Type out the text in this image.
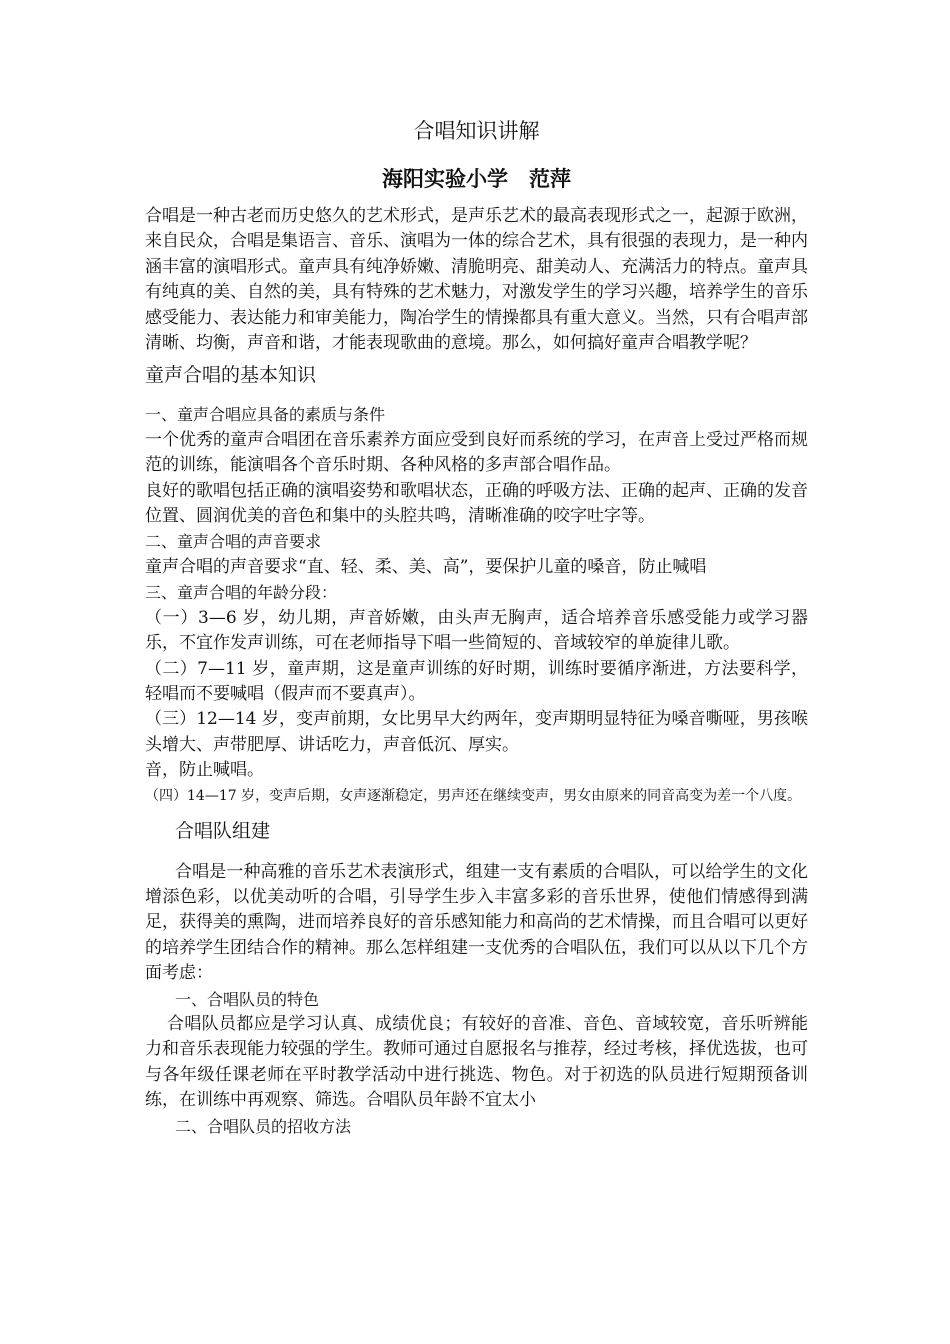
合唱知识讲解
海阳实验小学　范萍

合唱是一种古老而历史悠久的艺术形式，是声乐艺术的最高表现形式之一，起源于欧洲，来自民众，合唱是集语言、音乐、演唱为一体的综合艺术，具有很强的表现力，是一种内涵丰富的演唱形式。童声具有纯净娇嫩、清脆明亮、甜美动人、充满活力的特点。童声具有纯真的美、自然的美，具有特殊的艺术魅力，对激发学生的学习兴趣，培养学生的音乐感受能力、表达能力和审美能力，陶冶学生的情操都具有重大意义。当然，只有合唱声部清晰、均衡，声音和谐，才能表现歌曲的意境。那么，如何搞好童声合唱教学呢？

童声合唱的基本知识

一、童声合唱应具备的素质与条件

一个优秀的童声合唱团在音乐素养方面应受到良好而系统的学习，在声音上受过严格而规范的训练，能演唱各个音乐时期、各种风格的多声部合唱作品。

良好的歌唱包括正确的演唱姿势和歌唱状态，正确的呼吸方法、正确的起声、正确的发音位置、圆润优美的音色和集中的头腔共鸣，清晰准确的咬字吐字等。

二、童声合唱的声音要求

童声合唱的声音要求“直、轻、柔、美、高”，要保护儿童的嗓音，防止喊唱

三、童声合唱的年龄分段：

（一）3—6 岁，幼儿期，声音娇嫩，由头声无胸声，适合培养音乐感受能力或学习器乐，不宜作发声训练，可在老师指导下唱一些简短的、音域较窄的单旋律儿歌。

（二）7—11 岁，童声期，这是童声训练的好时期，训练时要循序渐进，方法要科学，轻唱而不要喊唱（假声而不要真声）。

（三）12—14 岁，变声前期，女比男早大约两年，变声期明显特征为嗓音嘶哑，男孩喉头增大、声带肥厚、讲话吃力，声音低沉、厚实。

音，防止喊唱。

（四）14—17 岁，变声后期，女声逐渐稳定，男声还在继续变声，男女由原来的同音高变为差一个八度。

合唱队组建

合唱是一种高雅的音乐艺术表演形式，组建一支有素质的合唱队，可以给学生的文化增添色彩，以优美动听的合唱，引导学生步入丰富多彩的音乐世界，使他们情感得到满足，获得美的熏陶，进而培养良好的音乐感知能力和高尚的艺术情操，而且合唱可以更好的培养学生团结合作的精神。那么怎样组建一支优秀的合唱队伍，我们可以从以下几个方面考虑：

一、合唱队员的特色

合唱队员都应是学习认真、成绩优良；有较好的音准、音色、音域较宽，音乐听辨能力和音乐表现能力较强的学生。教师可通过自愿报名与推荐，经过考核，择优选拔，也可与各年级任课老师在平时教学活动中进行挑选、物色。对于初选的队员进行短期预备训练，在训练中再观察、筛选。合唱队员年龄不宜太小

二、合唱队员的招收方法
